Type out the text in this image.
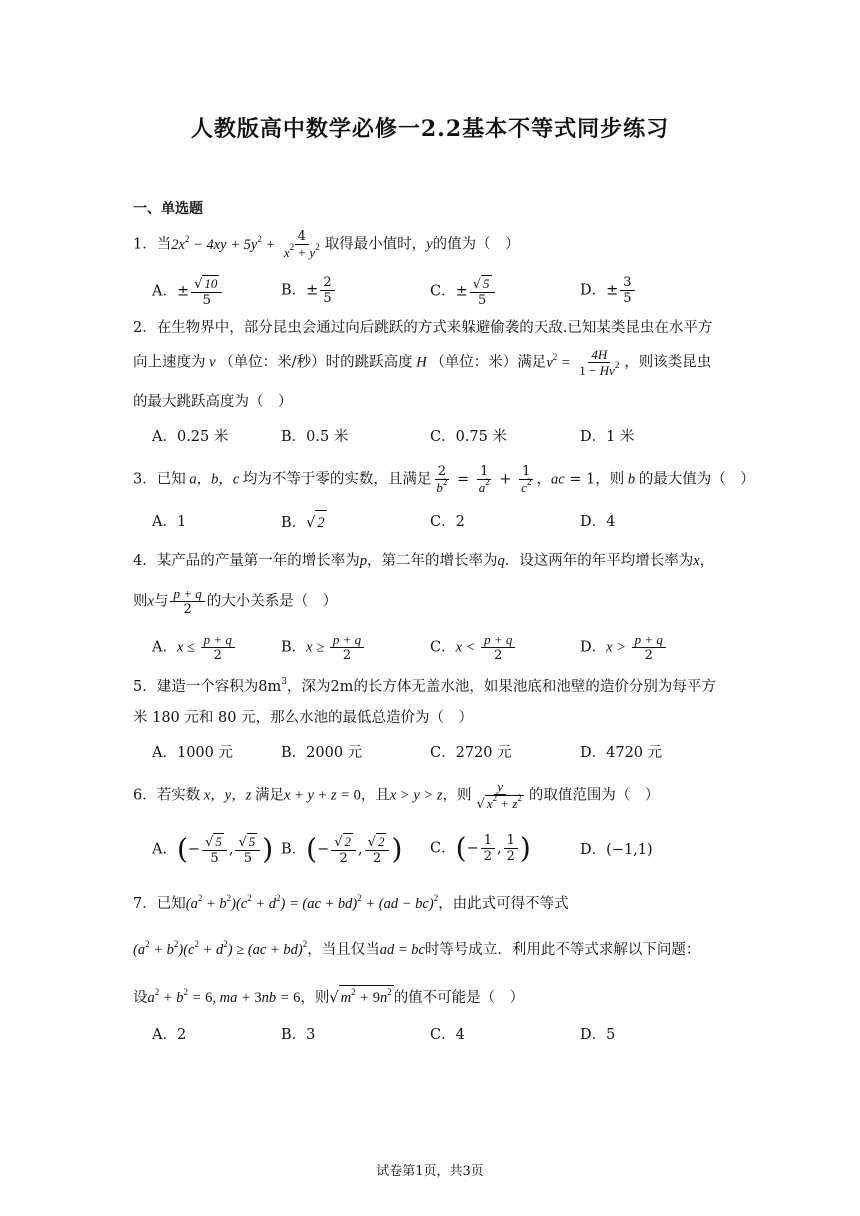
人教版高中数学必修一2.2基本不等式同步练习
一、单选题
1．当$2x^2 - 4xy + 5y^2 + \frac{4}{x^2 + y^2}$ 取得最小值时，y的值为（　）
A．± $\frac{√ 10}{5}$	B．± $\frac{2}{5}$	C．± $\frac{√ 5}{5}$	D．± $\frac{3}{5}$
2．在生物界中，部分昆虫会通过向后跳跃的方式来躲避偷袭的天敌.已知某类昆虫在水平方
向上速度为 v （单位：米/秒）时的跳跃高度 H （单位：米）满足$v^2 = \frac{4H}{1 - Hv^2}$ ，则该类昆虫
的最大跳跃高度为（　）
A．0.25 米	B．0.5 米	C．0.75 米	D．1 米
3．已知 a，b，c 均为不等于零的实数，且满足 $\frac{2}{b^2} = \frac{1}{a^2} + \frac{1}{c^2}$ ，ac = 1，则 b 的最大值为（　）
A．1	B．√ 2	C．2	D．4
4．某产品的产量第一年的增长率为p，第二年的增长率为q．设这两年的年平均增长率为x，
则x与 $\frac{p + q}{2}$ 的大小关系是（　）
A．$x \le \frac{p + q}{2}$	B．$x \ge \frac{p + q}{2}$	C．$x < \frac{p + q}{2}$	D．$x > \frac{p + q}{2}$
5．建造一个容积为$8m^3$，深为2m的长方体无盖水池，如果池底和池壁的造价分别为每平方
米 180 元和 80 元，那么水池的最低总造价为（　）
A．1000 元	B．2000 元	C．2720 元	D．4720 元
6．若实数 x，y，z 满足x + y + z = 0，且x > y > z，则 $\frac{y}{√ x^2 + z^2}$ 的取值范围为（　）
A．(− $\frac{√ 5}{5}$ , $\frac{√ 5}{5}$ ) B．(− $\frac{√ 2}{2}$ , $\frac{√ 2}{2}$ ) C．(− $\frac{1}{2}$ , $\frac{1}{2}$ )	D．(−1,1)
7．已知$(a^2 + b^2)(c^2 + d^2) = (ac + bd)^2 + (ad - bc)^2$，由此式可得不等式
$(a^2 + b^2)(c^2 + d^2) \ge (ac + bd)^2$，当且仅当ad = bc时等号成立．利用此不等式求解以下问题：
设$a^2 + b^2 = 6$, ma + 3nb = 6，则√ $m^2 + 9n^2$ 的值不可能是（　）
A．2	B．3	C．4	D．5
试卷第1页，共3页
